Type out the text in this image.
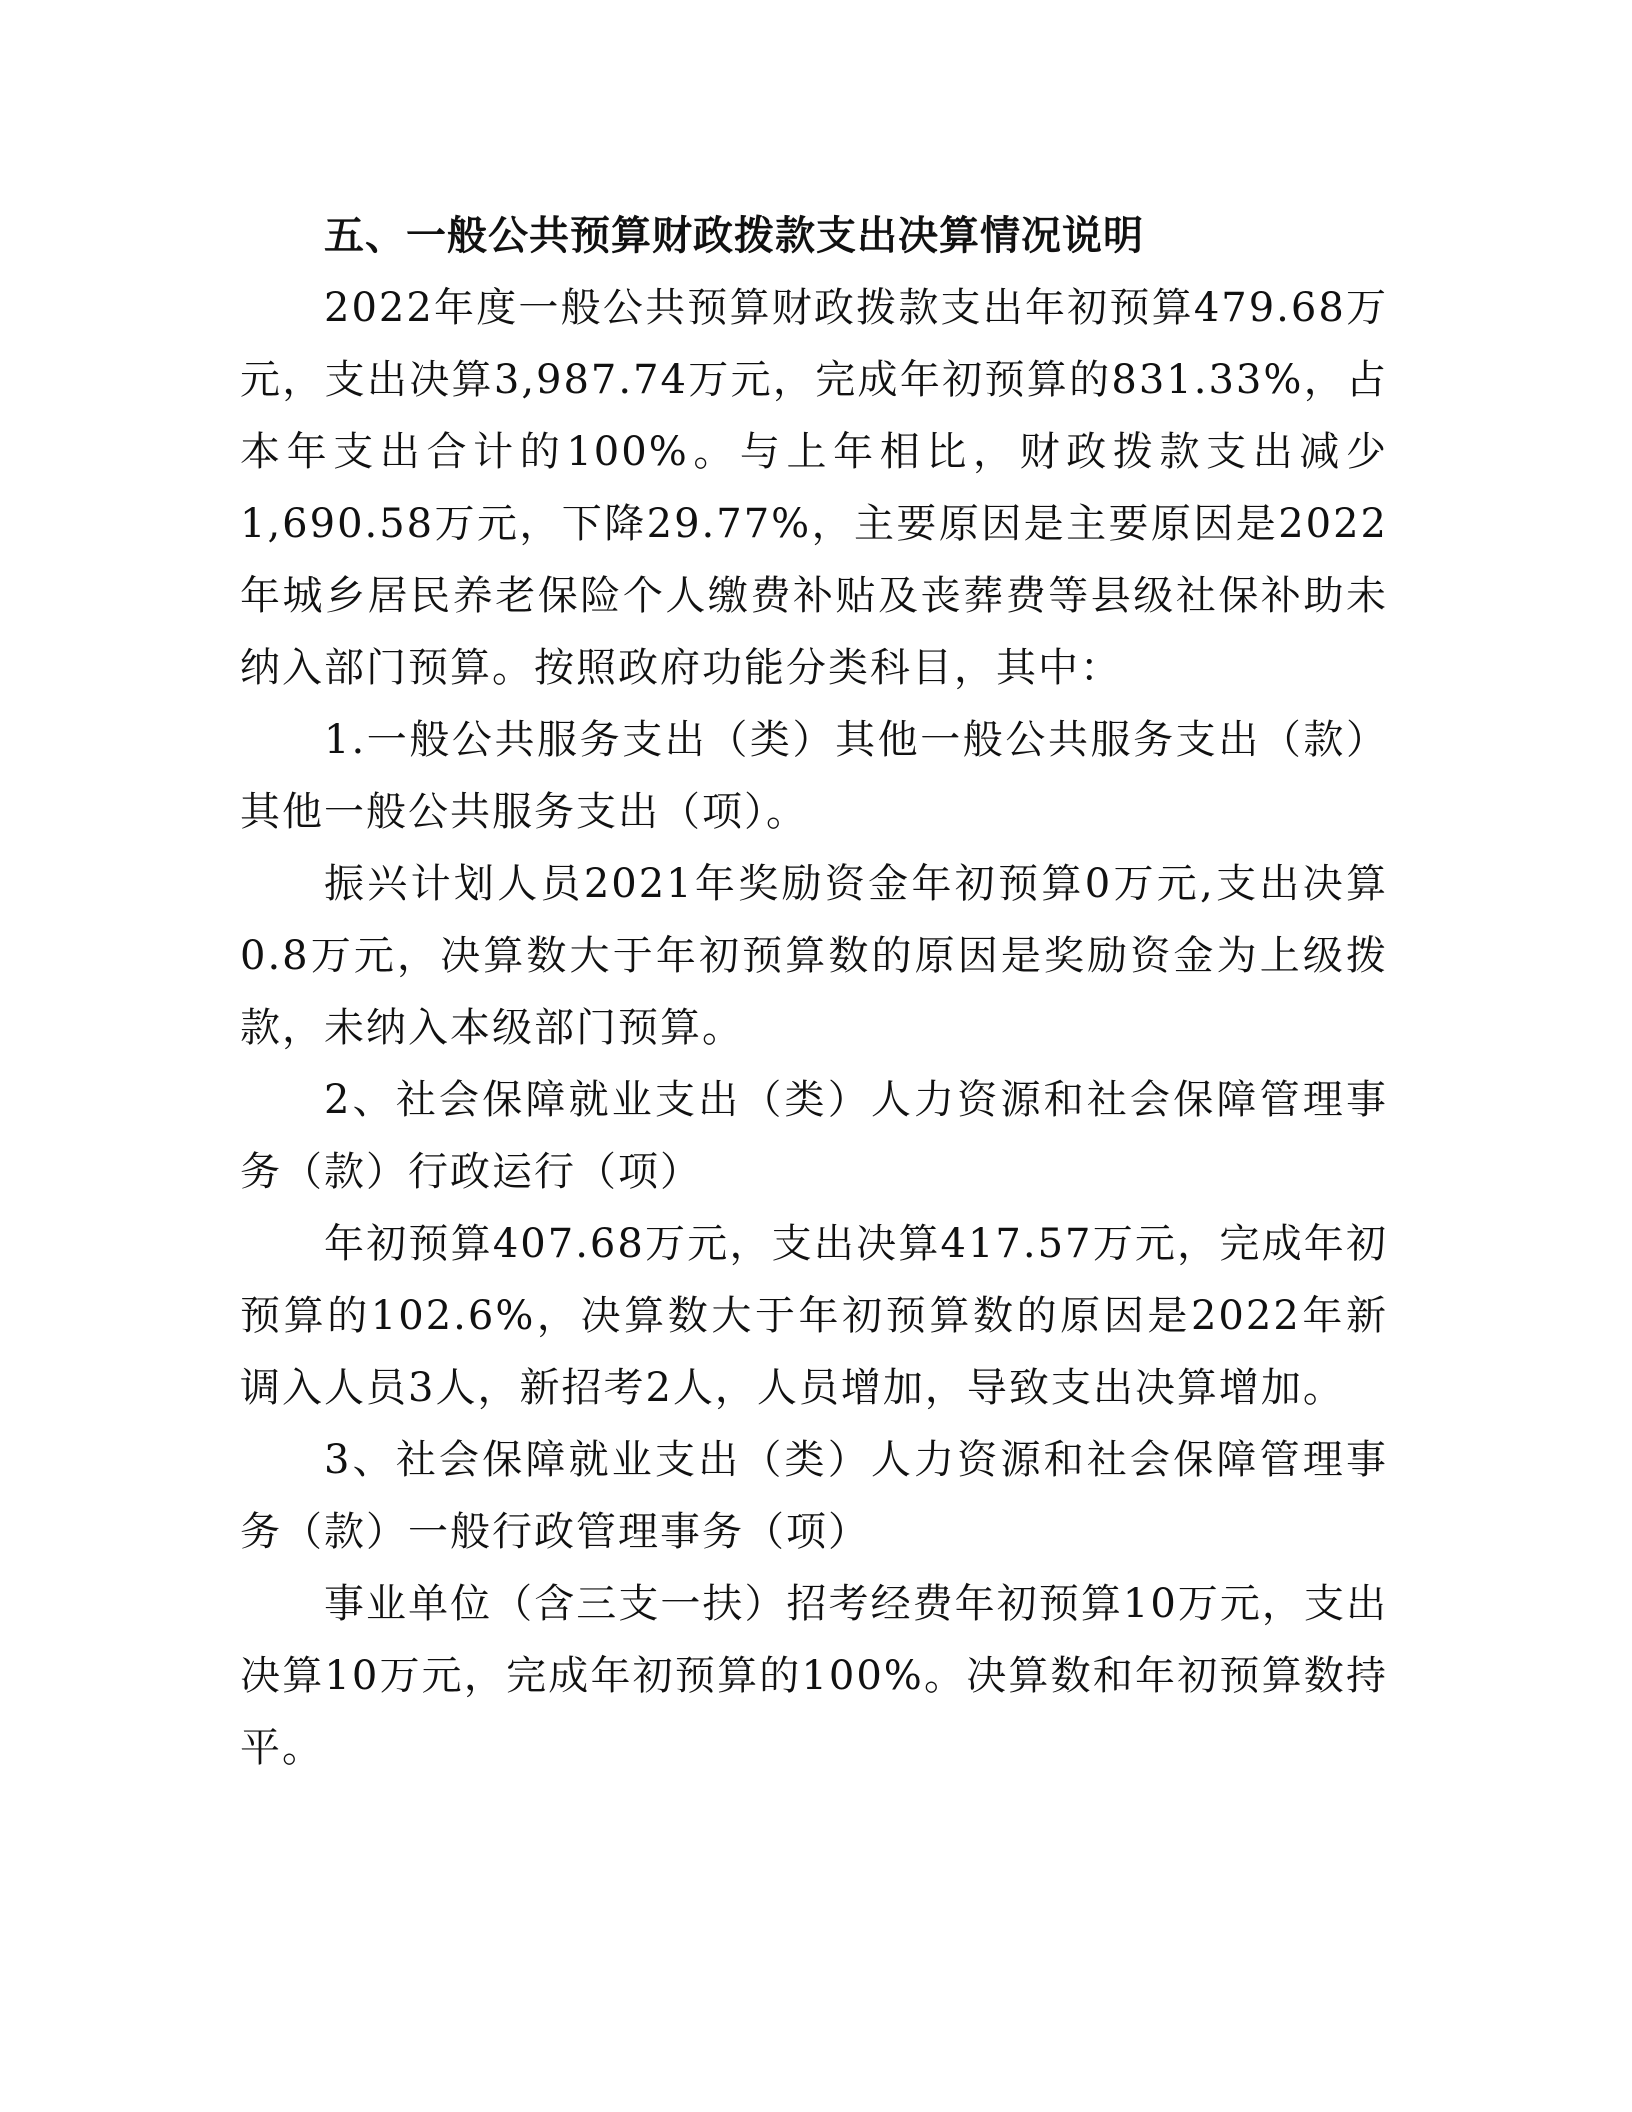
五、一般公共预算财政拨款支出决算情况说明

2022年度一般公共预算财政拨款支出年初预算479.68万元，支出决算3,987.74万元，完成年初预算的831.33%，占本年支出合计的100%。与上年相比，财政拨款支出减少1,690.58万元，下降29.77%，主要原因是主要原因是2022年城乡居民养老保险个人缴费补贴及丧葬费等县级社保补助未纳入部门预算。按照政府功能分类科目，其中：

1.一般公共服务支出（类）其他一般公共服务支出（款）其他一般公共服务支出（项）。

振兴计划人员2021年奖励资金年初预算0万元,支出决算0.8万元，决算数大于年初预算数的原因是奖励资金为上级拨款，未纳入本级部门预算。

2、社会保障就业支出（类）人力资源和社会保障管理事务（款）行政运行（项）

年初预算407.68万元，支出决算417.57万元，完成年初预算的102.6%，决算数大于年初预算数的原因是2022年新调入人员3人，新招考2人，人员增加，导致支出决算增加。

3、社会保障就业支出（类）人力资源和社会保障管理事务（款）一般行政管理事务（项）

事业单位（含三支一扶）招考经费年初预算10万元，支出决算10万元，完成年初预算的100%。决算数和年初预算数持平。
